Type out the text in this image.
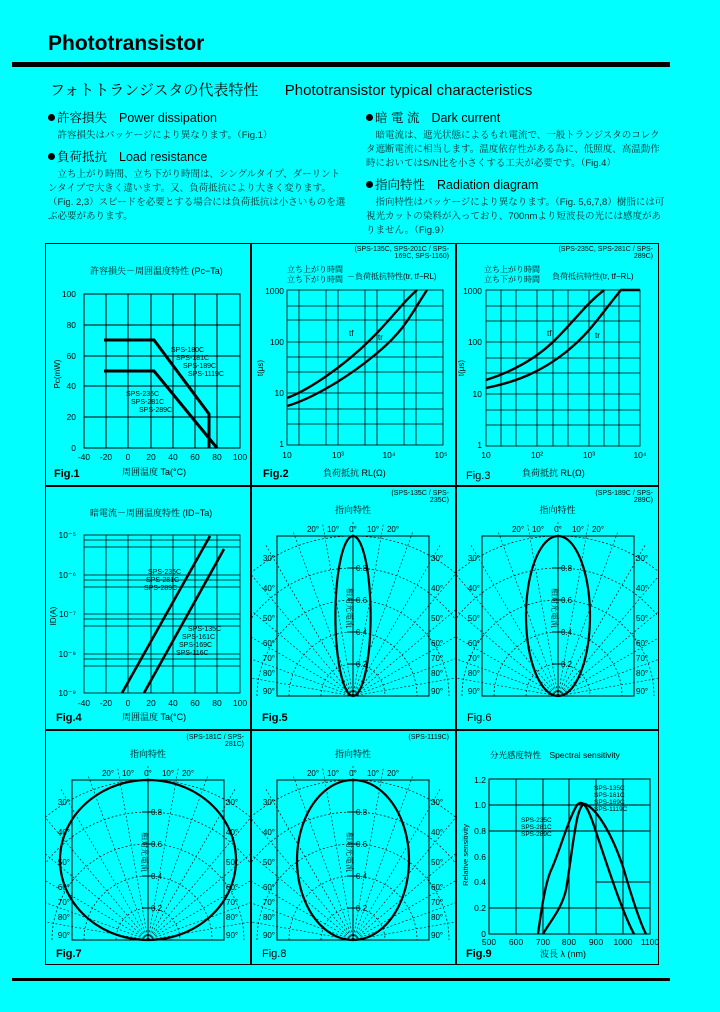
Phototransistor
フォトトランジスタの代表特性 Phototransistor typical characteristics
許容損失 Power dissipation
許容損失はパッケージにより異なります。（Fig.1）
負荷抵抗 Load resistance
立ち上がり時間、立ち下がり時間は、シングルタイプ、ダーリントンタイプで大きく違います。又、負荷抵抗により大きく変ります。（Fig. 2,3）スピードを必要とする場合には負荷抵抗は小さいものを選ぶ必要があります。
暗 電 流 Dark current
暗電流は、遮光状態によるもれ電流で、一般トランジスタのコレクタ遮断電流に相当します。温度依存性がある為に、低照度、高温動作時においてはS/N比を小さくする工夫が必要です。（Fig.4）
指向特性 Radiation diagram
指向特性はパッケージにより異なります。（Fig. 5,6,7,8）樹脂には可視光カットの染料が入っており、700nmより短波長の光には感度がありません。（Fig.9）
許容損失－周囲温度特性 (Pc−Ta)
100
80
60
40
20
0
-40 -20 0 20 40 60 80 100
SPS-180C
SPS-181C
SPS-189C
SPS-1119C
SPS-235C
SPS-281C
SPS-289C
Pc(mW)
周囲温度 Ta(°C)
Fig.1
(SPS-135C, SPS-201C / SPS-169C, SPS-1160)
立ち上がり時間
立ち下がり時間 －負荷抵抗特性(tr, tf−RL)
tf	tr
1000
100
10
1
10	10³	10⁴	10⁵
t(μs)
負荷抵抗 RL(Ω)
Fig.2
(SPS-235C, SPS-281C / SPS-289C)
立ち上がり時間
立ち下がり時間 負荷抵抗特性(tr, tf−RL)
tf	tr
1000
100
10
1
10	10²	10³	10⁴
t(μs)
負荷抵抗 RL(Ω)
Fig.3
暗電流－周囲温度特性 (ID−Ta)
SPS-235C
SPS-281C
SPS-289C
SPS-135C
SPS-161C
SPS-169C
SPS-116C
10⁻⁵
10⁻⁶
10⁻⁷
10⁻⁸
10⁻⁹
-40 -20 0 20 40 60 80 100
ID(A)
周囲温度 Ta(°C)
Fig.4
(SPS-135C / SPS-235C)
指向特性
20° 10° 0° 10° 20°
30°	30°
40°	40°
50°	50°
60°	60°
70°	70°
80°	80°
90°	90°
0.8
0.6
0.4
0.2
相対光電流
Fig.5
(SPS-189C / SPS-289C)
指向特性
20° 10° 0° 10° 20°
30°	30°
40°	40°
50°	50°
60°	60°
70°	70°
80°	80°
90°	90°
0.8
0.6
0.4
0.2
相対光電流
Fig.6
(SPS-181C / SPS-281C)
指向特性
20° 10° 0° 10° 20°
30°	30°
40°	40°
50°	50°
60°	60°
70°	70°
80°	80°
90°	90°
0.8
0.6
0.4
0.2
相対光電流
Fig.7
(SPS-1119C)
指向特性
20° 10° 0° 10° 20°
30°	30°
40°	40°
50°	50°
60°	60°
70°	70°
80°	80°
90°	90°
0.8
0.6
0.4
0.2
相対光電流
Fig.8
分光感度特性　Spectral sensitivity
SPS-135C
SPS-161C
SPS-169C
SPS-1119C
SPS-235C
SPS-281C
SPS-289C
1.2
1.0
0.8
0.6
0.4
0.2
0
500 600 700 800 900 1000 1100
Relative sensitivity
波長 λ (nm)
Fig.9
